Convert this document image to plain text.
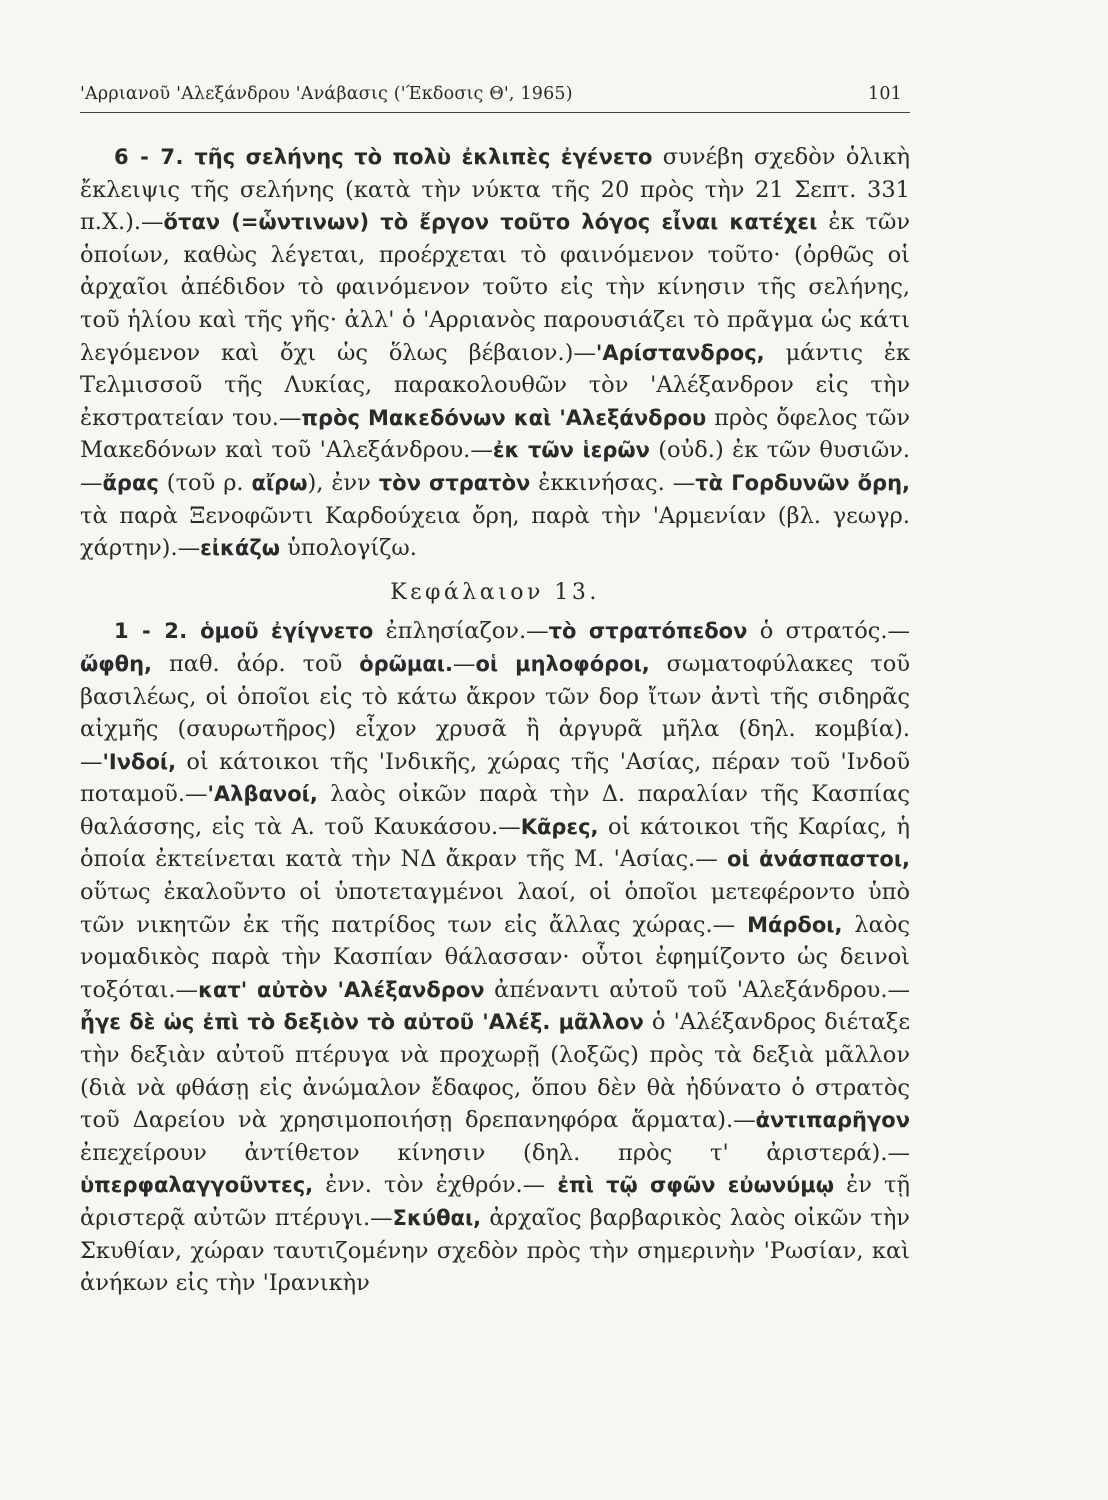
'Αρριανοῦ 'Αλεξάνδρου 'Ανάβασις ('Έκδοσις Θ', 1965)	101

6 - 7. τῆς σελήνης τὸ πολὺ ἐκλιπὲς ἐγένετο συνέβη σχεδὸν ὁλικὴ ἔκλειψις τῆς σελήνης (κατὰ τὴν νύκτα τῆς 20 πρὸς τὴν 21 Σεπτ. 331 π.Χ.).—ὅταν (=ὧντινων) τὸ ἔργον τοῦτο λόγος εἶναι κατέχει ἐκ τῶν ὁποίων, καθὼς λέγεται, προέρχεται τὸ φαινόμενον τοῦτο· (ὀρθῶς οἱ ἀρχαῖοι ἀπέδιδον τὸ φαινόμενον τοῦτο εἰς τὴν κίνησιν τῆς σελήνης, τοῦ ἡλίου καὶ τῆς γῆς· ἀλλ' ὁ 'Αρριανὸς παρουσιάζει τὸ πρᾶγμα ὡς κάτι λεγόμενον καὶ ὄχι ὡς ὅλως βέβαιον.)—'Αρίστανδρος, μάντις ἐκ Τελμισσοῦ τῆς Λυκίας, παρακολουθῶν τὸν 'Αλέξανδρον εἰς τὴν ἐκστρατείαν του.—πρὸς Μακεδόνων καὶ 'Αλεξάνδρου πρὸς ὄφελος τῶν Μακεδόνων καὶ τοῦ 'Αλεξάνδρου.—ἐκ τῶν ἱερῶν (οὐδ.) ἐκ τῶν θυσιῶν.—ἄρας (τοῦ ρ. αἴρω), ἐνν τὸν στρατὸν ἐκκινήσας. —τὰ Γορδυνῶν ὄρη, τὰ παρὰ Ξενοφῶντι Καρδούχεια ὄρη, παρὰ τὴν 'Αρμενίαν (βλ. γεωγρ. χάρτην).—εἰκάζω ὑπολογίζω.

Κεφάλαιον 13.

1 - 2. ὁμοῦ ἐγίγνετο ἐπλησίαζον.—τὸ στρατόπεδον ὁ στρατός.—ὤφθη, παθ. ἀόρ. τοῦ ὁρῶμαι.—οἱ μηλοφόροι, σωματοφύλακες τοῦ βασιλέως, οἱ ὁποῖοι εἰς τὸ κάτω ἄκρον τῶν δορ ἴτων ἀντὶ τῆς σιδηρᾶς αἰχμῆς (σαυρωτῆρος) εἶχον χρυσᾶ ἢ ἀργυρᾶ μῆλα (δηλ. κομβία).—'Ινδοί, οἱ κάτοικοι τῆς 'Ινδικῆς, χώρας τῆς 'Ασίας, πέραν τοῦ 'Ινδοῦ ποταμοῦ.—'Αλβανοί, λαὸς οἰκῶν παρὰ τὴν Δ. παραλίαν τῆς Κασπίας θαλάσσης, εἰς τὰ Α. τοῦ Καυκάσου.—Κᾶρες, οἱ κάτοικοι τῆς Καρίας, ἡ ὁποία ἐκτείνεται κατὰ τὴν ΝΔ ἄκραν τῆς Μ. 'Ασίας.— οἱ ἀνάσπαστοι, οὕτως ἐκαλοῦντο οἱ ὑποτεταγμένοι λαοί, οἱ ὁποῖοι μετεφέροντο ὑπὸ τῶν νικητῶν ἐκ τῆς πατρίδος των εἰς ἄλλας χώρας.— Μάρδοι, λαὸς νομαδικὸς παρὰ τὴν Κασπίαν θάλασσαν· οὗτοι ἐφημίζοντο ὡς δεινοὶ τοξόται.—κατ' αὐτὸν 'Αλέξανδρον ἀπέναντι αὐτοῦ τοῦ 'Αλεξάνδρου.—ἦγε δὲ ὡς ἐπὶ τὸ δεξιὸν τὸ αὐτοῦ 'Αλέξ. μᾶλλον ὁ 'Αλέξανδρος διέταξε τὴν δεξιὰν αὐτοῦ πτέρυγα νὰ προχωρῇ (λοξῶς) πρὸς τὰ δεξιὰ μᾶλλον (διὰ νὰ φθάσῃ εἰς ἀνώμαλον ἔδαφος, ὅπου δὲν θὰ ἠδύνατο ὁ στρατὸς τοῦ Δαρείου νὰ χρησιμοποιήσῃ δρεπανηφόρα ἅρματα).—ἀντιπαρῆγον ἐπεχείρουν ἀντίθετον κίνησιν (δηλ. πρὸς τ' ἀριστερά).— ὑπερφαλαγγοῦντες, ἐνν. τὸν ἐχθρόν.— ἐπὶ τῷ σφῶν εὐωνύμῳ ἐν τῇ ἀριστερᾷ αὐτῶν πτέρυγι.—Σκύθαι, ἀρχαῖος βαρβαρικὸς λαὸς οἰκῶν τὴν Σκυθίαν, χώραν ταυτιζομένην σχεδὸν πρὸς τὴν σημερινὴν 'Ρωσίαν, καὶ ἀνήκων εἰς τὴν 'Ιρανικὴν
